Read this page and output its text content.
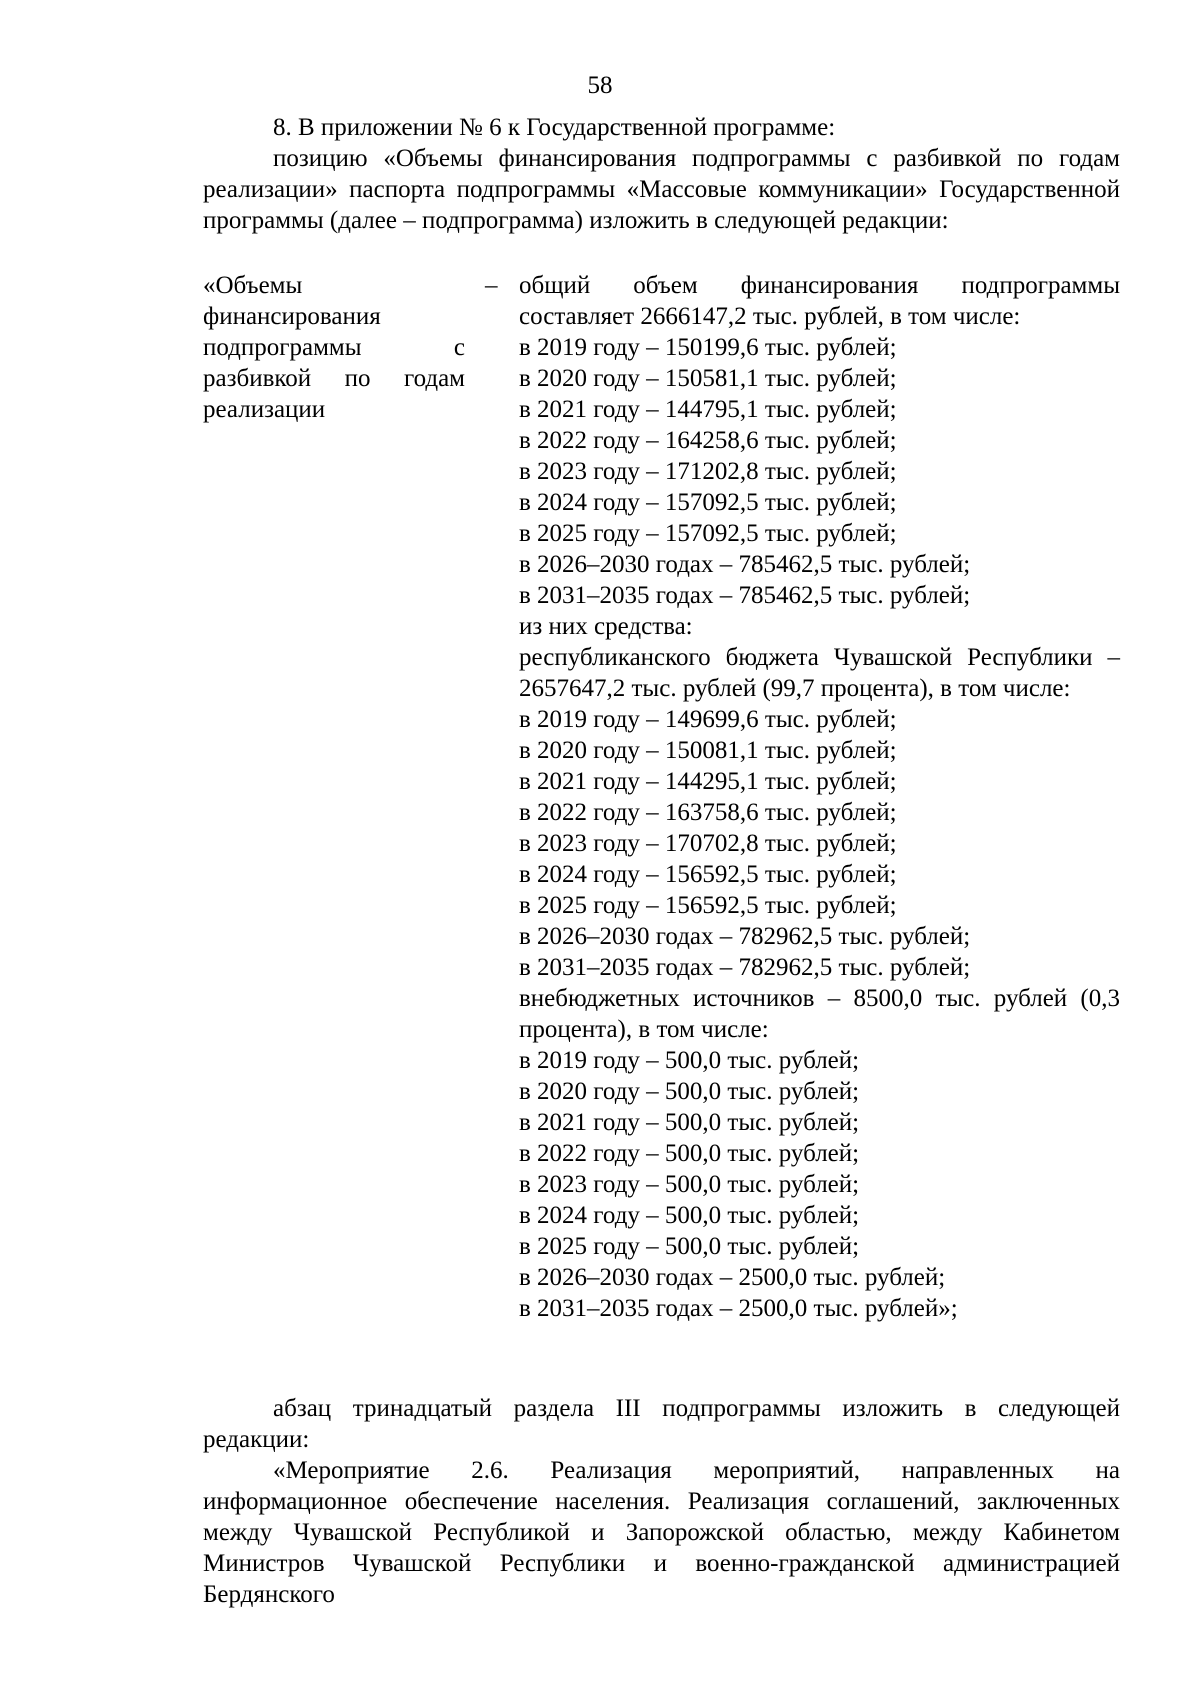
58

8. В приложении № 6 к Государственной программе:

позицию «Объемы финансирования подпрограммы с разбивкой по годам реализации» паспорта подпрограммы «Массовые коммуникации» Государственной программы (далее – подпрограмма) изложить в следующей редакции:

«Объемы финансирования подпрограммы с разбивкой по годам реализации

– общий объем финансирования подпрограммы составляет 2666147,2 тыс. рублей, в том числе:

в 2019 году – 150199,6 тыс. рублей;

в 2020 году – 150581,1 тыс. рублей;

в 2021 году – 144795,1 тыс. рублей;

в 2022 году – 164258,6 тыс. рублей;

в 2023 году – 171202,8 тыс. рублей;

в 2024 году – 157092,5 тыс. рублей;

в 2025 году – 157092,5 тыс. рублей;

в 2026–2030 годах – 785462,5 тыс. рублей;

в 2031–2035 годах – 785462,5 тыс. рублей;

из них средства:

республиканского бюджета Чувашской Республики – 2657647,2 тыс. рублей (99,7 процента), в том числе:

в 2019 году – 149699,6 тыс. рублей;

в 2020 году – 150081,1 тыс. рублей;

в 2021 году – 144295,1 тыс. рублей;

в 2022 году – 163758,6 тыс. рублей;

в 2023 году – 170702,8 тыс. рублей;

в 2024 году – 156592,5 тыс. рублей;

в 2025 году – 156592,5 тыс. рублей;

в 2026–2030 годах – 782962,5 тыс. рублей;

в 2031–2035 годах – 782962,5 тыс. рублей;

внебюджетных источников – 8500,0 тыс. рублей (0,3 процента), в том числе:

в 2019 году – 500,0 тыс. рублей;

в 2020 году – 500,0 тыс. рублей;

в 2021 году – 500,0 тыс. рублей;

в 2022 году – 500,0 тыс. рублей;

в 2023 году – 500,0 тыс. рублей;

в 2024 году – 500,0 тыс. рублей;

в 2025 году – 500,0 тыс. рублей;

в 2026–2030 годах – 2500,0 тыс. рублей;

в 2031–2035 годах – 2500,0 тыс. рублей»;

абзац тринадцатый раздела III подпрограммы изложить в следующей редакции:

«Мероприятие 2.6. Реализация мероприятий, направленных на информационное обеспечение населения. Реализация соглашений, заключенных между Чувашской Республикой и Запорожской областью, между Кабинетом Министров Чувашской Республики и военно-гражданской администрацией Бердянского
